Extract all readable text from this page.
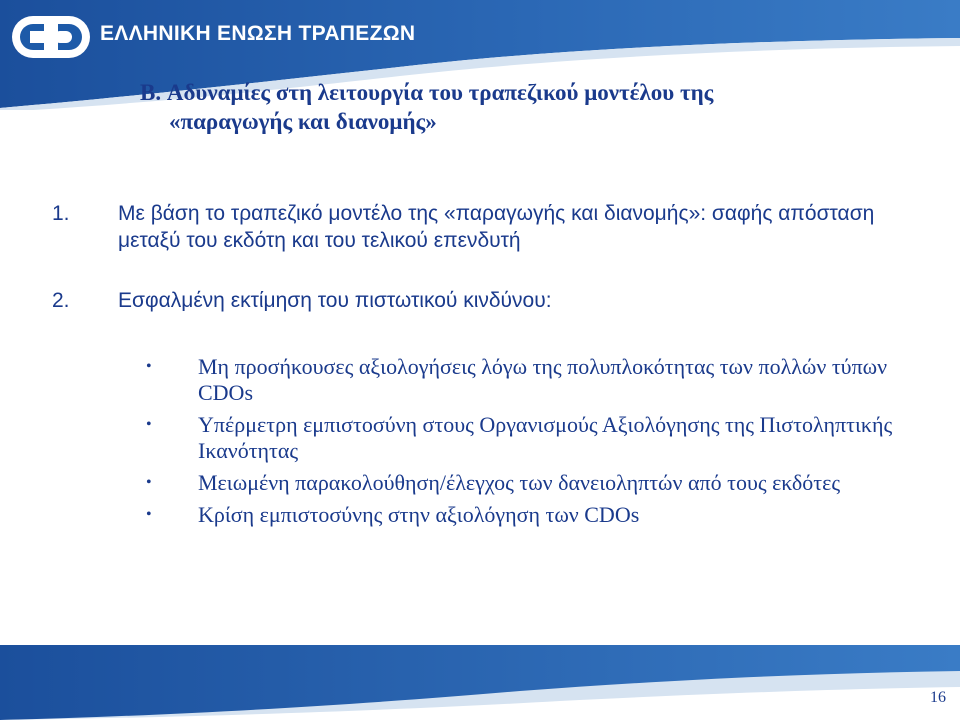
ΕΛΛΗΝΙΚΗ ΕΝΩΣΗ ΤΡΑΠΕΖΩΝ
B. Αδυναμίες στη λειτουργία του τραπεζικού μοντέλου της
«παραγωγής και διανομής»
1.	Με βάση το τραπεζικό μοντέλο της «παραγωγής και διανομής»: σαφής απόσταση μεταξύ του εκδότη και του τελικού επενδυτή
2.	Εσφαλμένη εκτίμηση του πιστωτικού κινδύνου:
• Μη προσήκουσες αξιολογήσεις λόγω της πολυπλοκότητας των πολλών τύπων CDOs
• Υπέρμετρη εμπιστοσύνη στους Οργανισμούς Αξιολόγησης της Πιστοληπτικής Ικανότητας
• Μειωμένη παρακολούθηση/έλεγχος των δανειοληπτών από τους εκδότες
• Κρίση εμπιστοσύνης στην αξιολόγηση των CDOs
16
